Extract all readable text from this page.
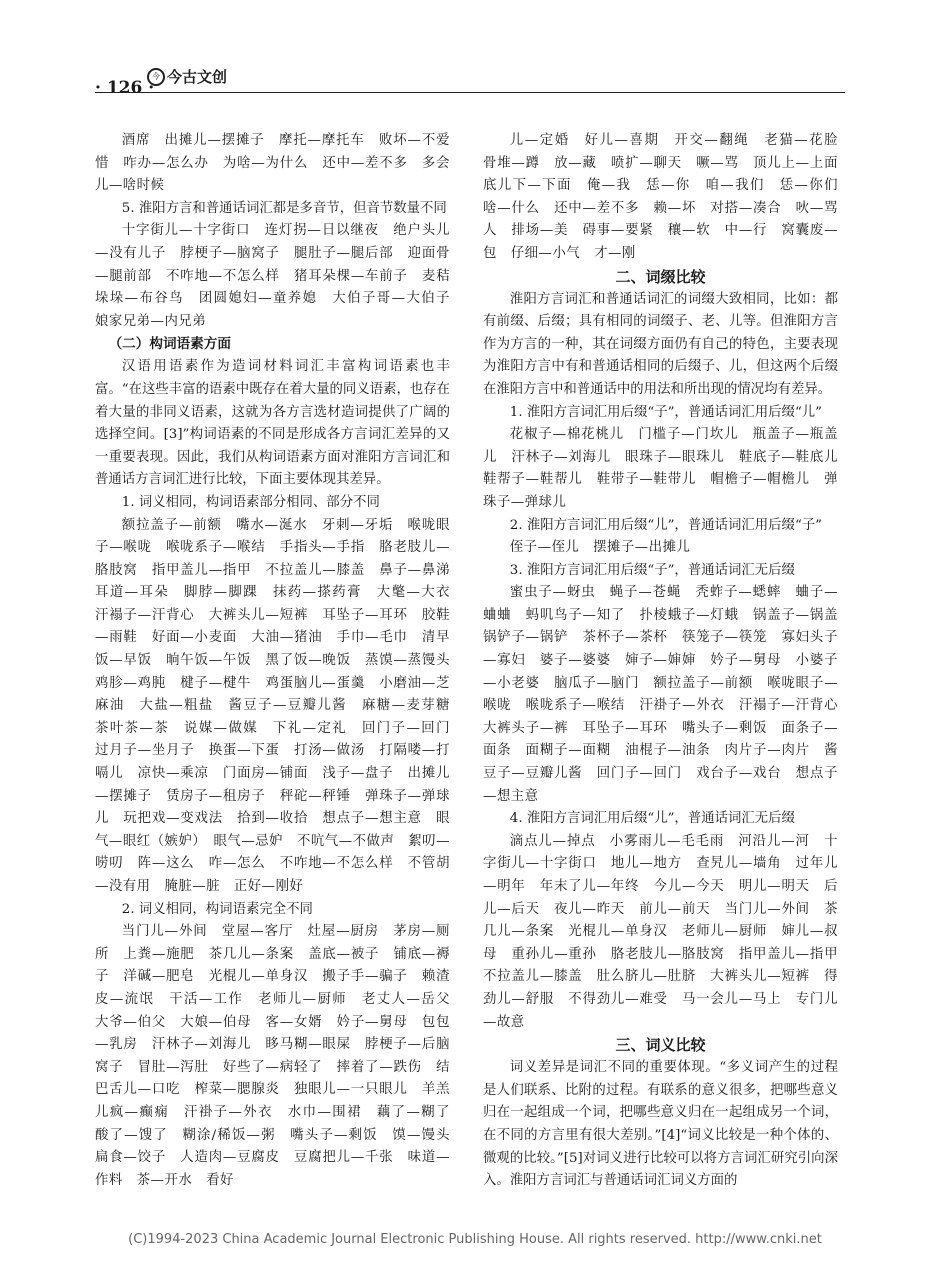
· 126 ·
今 今古文创

酒席　出摊儿—摆摊子　摩托—摩托车　败坏—不爱惜　咋办—怎么办　为啥—为什么　还中—差不多　多会儿—啥时候

5. 淮阳方言和普通话词汇都是多音节，但音节数量不同

十字街儿—十字街口　连灯拐—日以继夜　绝户头儿—没有儿子　脖梗子—脑窝子　腿肚子—腿后部　迎面骨—腿前部　不咋地—不怎么样　猪耳朵棵—车前子　麦秸垛垛—布谷鸟　团圆媳妇—童养媳　大伯子哥—大伯子　娘家兄弟—内兄弟

（二）构词语素方面

汉语用语素作为造词材料词汇丰富构词语素也丰富。“在这些丰富的语素中既存在着大量的同义语素，也存在着大量的非同义语素，这就为各方言选材造词提供了广阔的选择空间。[3]”构词语素的不同是形成各方言词汇差异的又一重要表现。因此，我们从构词语素方面对淮阳方言词汇和普通话方言词汇进行比较，下面主要体现其差异。

1. 词义相同，构词语素部分相同、部分不同

额拉盖子—前额　嘴水—涎水　牙刺—牙垢　喉咙眼子—喉咙　喉咙系子—喉结　手指头—手指　胳老肢儿—胳肢窝　指甲盖儿—指甲　不拉盖儿—膝盖　鼻子—鼻涕　耳道—耳朵　脚脖—脚踝　抹药—搽药膏　大氅—大衣　汗褟子—汗背心　大裤头儿—短裤　耳坠子—耳环　胶鞋—雨鞋　好面—小麦面　大油—猪油　手巾—毛巾　清早饭—早饭　晌午饭—午饭　黑了饭—晚饭　蒸馍—蒸馒头　鸡胗—鸡肫　楗子—楗牛　鸡蛋脑儿—蛋羹　小磨油—芝麻油　大盐—粗盐　酱豆子—豆瓣儿酱　麻糖—麦芽糖　茶叶茶—茶　说媒—做媒　下礼—定礼　回门子—回门　过月子—坐月子　换蛋—下蛋　打汤—做汤　打隔喽—打嗝儿　凉快—乘凉　门面房—铺面　浅子—盘子　出摊儿—摆摊子　赁房子—租房子　秤砣—秤锤　弹珠子—弹球儿　玩把戏—变戏法　拾到—收拾　想点子—想主意　眼气—眼红（嫉妒）　眼气—忌妒　不吭气—不做声　絮叨—唠叨　阵—这么　咋—怎么　不咋地—不怎么样　不管胡—没有用　腌脏—脏　正好—刚好

2. 词义相同，构词语素完全不同

当门儿—外间　堂屋—客厅　灶屋—厨房　茅房—厕所　上粪—施肥　茶几儿—条案　盖底—被子　铺底—褥子　洋碱—肥皂　光棍儿—单身汉　搬子手—骗子　赖渣皮—流氓　干活—工作　老师儿—厨师　老丈人—岳父　大爷—伯父　大娘—伯母　客—女婿　妗子—舅母　包包—乳房　汗林子—刘海儿　眵马糊—眼屎　脖梗子—后脑窝子　冒肚—泻肚　好些了—病轻了　摔着了—跌伤　结巴舌儿—口吃　榨菜—腮腺炎　独眼儿—一只眼儿　羊羔儿疯—癫痫　汗褂子—外衣　水巾—围裙　藕了—糊了　酸了—馊了　糊涂/稀饭—粥　嘴头子—剩饭　馍—馒头　扁食—饺子　人造肉—豆腐皮　豆腐把儿—千张　味道—作料　茶—开水　看好

儿—定婚　好儿—喜期　开交—翻绳　老猫—花脸　骨堆—蹲　放—藏　喷扩—聊天　噘—骂　顶儿上—上面　底儿下—下面　俺—我　恁—你　咱—我们　恁—你们　啥—什么　还中—差不多　赖—坏　对搭—凑合　吙—骂人　排场—美　碍事—要紧　穰—软　中—行　窝囊废—包　仔细—小气　才—刚

二、词缀比较

淮阳方言词汇和普通话词汇的词缀大致相同，比如：都有前缀、后缀；具有相同的词缀子、老、儿等。但淮阳方言作为方言的一种，其在词缀方面仍有自己的特色，主要表现为淮阳方言中有和普通话相同的后缀子、儿，但这两个后缀在淮阳方言中和普通话中的用法和所出现的情况均有差异。

1. 淮阳方言词汇用后缀“子”，普通话词汇用后缀“儿”

花椒子—棉花桃儿　门槛子—门坎儿　瓶盖子—瓶盖儿　汗林子—刘海儿　眼珠子—眼珠儿　鞋底子—鞋底儿　鞋帮子—鞋帮儿　鞋带子—鞋带儿　帽檐子—帽檐儿　弹珠子—弹球儿

2. 淮阳方言词汇用后缀“儿”，普通话词汇用后缀“子”

侄子—侄儿　摆摊子—出摊儿

3. 淮阳方言词汇用后缀“子”，普通话词汇无后缀

蜜虫子—蚜虫　蝇子—苍蝇　秃蚱子—蟋蟀　蛐子—蛐蛐　蚂叽鸟子—知了　扑棱蛾子—灯蛾　锅盖子—锅盖　锅铲子—锅铲　茶杯子—茶杯　筷笼子—筷笼　寡妇头子—寡妇　婆子—婆婆　婶子—婶婶　妗子—舅母　小婆子—小老婆　脑瓜子—脑门　额拉盖子—前额　喉咙眼子—喉咙　喉咙系子—喉结　汗褂子—外衣　汗褟子—汗背心　大裤头子—裤　耳坠子—耳环　嘴头子—剩饭　面条子—面条　面糊子—面糊　油棍子—油条　肉片子—肉片　酱豆子—豆瓣儿酱　回门子—回门　戏台子—戏台　想点子—想主意

4. 淮阳方言词汇用后缀“儿”，普通话词汇无后缀

滴点儿—掉点　小雾雨儿—毛毛雨　河沿儿—河　十字街儿—十字街口　地儿—地方　查旯儿—墙角　过年儿—明年　年末了儿—年终　今儿—今天　明儿—明天　后儿—后天　夜儿—昨天　前儿—前天　当门儿—外间　茶几儿—条案　光棍儿—单身汉　老师儿—厨师　婶儿—叔母　重孙儿—重孙　胳老肢儿—胳肢窝　指甲盖儿—指甲　不拉盖儿—膝盖　肚么脐儿—肚脐　大裤头儿—短裤　得劲儿—舒服　不得劲儿—难受　马一会儿—马上　专门儿—故意

三、词义比较

词义差异是词汇不同的重要体现。“多义词产生的过程是人们联系、比附的过程。有联系的意义很多，把哪些意义归在一起组成一个词，把哪些意义归在一起组成另一个词，在不同的方言里有很大差别。”[4]“词义比较是一种个体的、微观的比较。”[5]对词义进行比较可以将方言词汇研究引向深入。淮阳方言词汇与普通话词汇词义方面的

(C)1994-2023 China Academic Journal Electronic Publishing House. All rights reserved. http://www.cnki.net
